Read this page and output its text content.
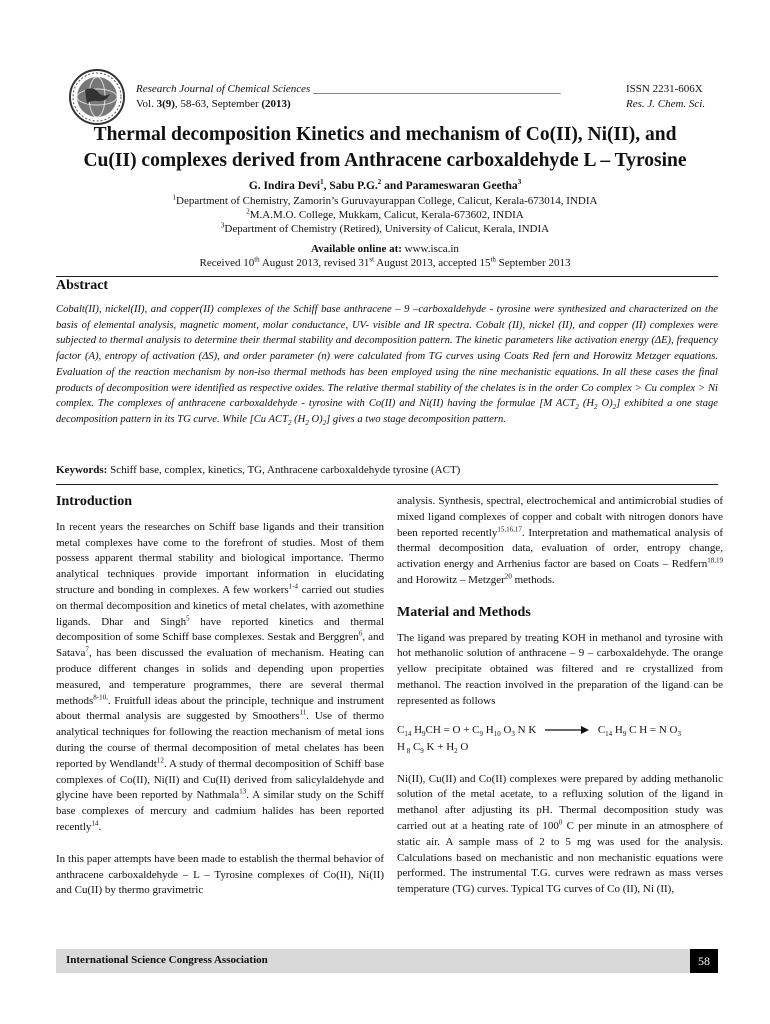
Research Journal of Chemical Sciences _____________________________________________	ISSN 2231-606X
Vol. 3(9), 58-63, September (2013)	Res. J. Chem. Sci.
Thermal decomposition Kinetics and mechanism of Co(II), Ni(II), and
Cu(II) complexes derived from Anthracene carboxaldehyde L – Tyrosine
G. Indira Devi$^1$, Sabu P.G.$^2$ and Parameswaran Geetha$^3$
$^1$Department of Chemistry, Zamorin’s Guruvayurappan College, Calicut, Kerala-673014, INDIA
$^2$M.A.M.O. College, Mukkam, Calicut, Kerala-673602, INDIA
$^3$Department of Chemistry (Retired), University of Calicut, Kerala, INDIA
Available online at: www.isca.in
Received 10th August 2013, revised 31st August 2013, accepted 15th September 2013
Abstract
Cobalt(II), nickel(II), and copper(II) complexes of the Schiff base anthracene – 9 –carboxaldehyde - tyrosine were synthesized and characterized on the basis of elemental analysis, magnetic moment, molar conductance, UV- visible and IR spectra. Cobalt (II), nickel (II), and copper (II) complexes were subjected to thermal analysis to determine their thermal stability and decomposition pattern. The kinetic parameters like activation energy (ΔE), frequency factor (A), entropy of activation (ΔS), and order parameter (n) were calculated from TG curves using Coats Red fern and Horowitz Metzger equations. Evaluation of the reaction mechanism by non-iso thermal methods has been employed using the nine mechanistic equations. In all these cases the final products of decomposition were identified as respective oxides. The relative thermal stability of the chelates is in the order Co complex > Cu complex > Ni complex. The complexes of anthracene carboxaldehyde - tyrosine with Co(II) and Ni(II) having the formulae [M $ACT_2$ ($H_2$ $O)_2$] exhibited a one stage decomposition pattern in its TG curve. While [Cu $ACT_2$ ($H_2$ $O)_2$] gives a two stage decomposition pattern.
Keywords: Schiff base, complex, kinetics, TG, Anthracene carboxaldehyde tyrosine (ACT)
Introduction

In recent years the researches on Schiff base ligands and their transition metal complexes have come to the forefront of studies. Most of them possess apparent thermal stability and biological importance. Thermo analytical techniques provide important information in elucidating structure and bonding in complexes. A few workers$^{1-4}$ carried out studies on thermal decomposition and kinetics of metal chelates, with azomethine ligands. Dhar and Singh$^5$ have reported kinetics and thermal decomposition of some Schiff base complexes. Sestak and Berggren$^6$, and Satava$^7$, has been discussed the evaluation of mechanism. Heating can produce different changes in solids and depending upon properties measured, and temperature programmes, there are several thermal methods$^{8-10,}$. Fruitfull ideas about the principle, technique and instrument about thermal analysis are suggested by Smoothers$^{11}$. Use of thermo analytical techniques for following the reaction mechanism of metal ions during the course of thermal decomposition of metal chelates has been reported by Wendlandt$^{12}$. A study of thermal decomposition of Schiff base complexes of Co(II), Ni(II) and Cu(II) derived from salicylaldehyde and glycine have been reported by Nathmala$^{13}$. A similar study on the Schiff base complexes of mercury and cadmium halides has been reported recently$^{14}$.

In this paper attempts have been made to establish the thermal behavior of anthracene carboxaldehyde – L – Tyrosine complexes of Co(II), Ni(II) and Cu(II) by thermo gravimetric

analysis. Synthesis, spectral, electrochemical and antimicrobial studies of mixed ligand complexes of copper and cobalt with nitrogen donors have been reported recently$^{15,16,17}$. Interpretation and mathematical analysis of thermal decomposition data, evaluation of order, entropy change, activation energy and Arrhenius factor are based on Coats – Redfern$^{18,19}$ and Horowitz – Metzger$^{20}$ methods.

Material and Methods

The ligand was prepared by treating KOH in methanol and tyrosine with hot methanolic solution of anthracene – 9 – carboxaldehyde. The orange yellow precipitate obtained was filtered and re crystallized from methanol. The reaction involved in the preparation of the ligand can be represented as follows

$C_{14}$ $H_9CH = O + C_9$ $H_{10}$ $O_3$ N $K \to C_{14}$ $H_9$ C H = N $O_3$
H $_8$ $C_9$ $K + H_2$ O

Ni(II), Cu(II) and Co(II) complexes were prepared by adding methanolic solution of the metal acetate, to a refluxing solution of the ligand in methanol after adjusting its pH. Thermal decomposition study was carried out at a heating rate of $100^0$ C per minute in an atmosphere of static air. A sample mass of 2 to 5 mg was used for the analysis. Calculations based on mechanistic and non mechanistic equations were performed. The instrumental T.G. curves were redrawn as mass verses temperature (TG) curves. Typical TG curves of Co (II), Ni (II),

International Science Congress Association	58
